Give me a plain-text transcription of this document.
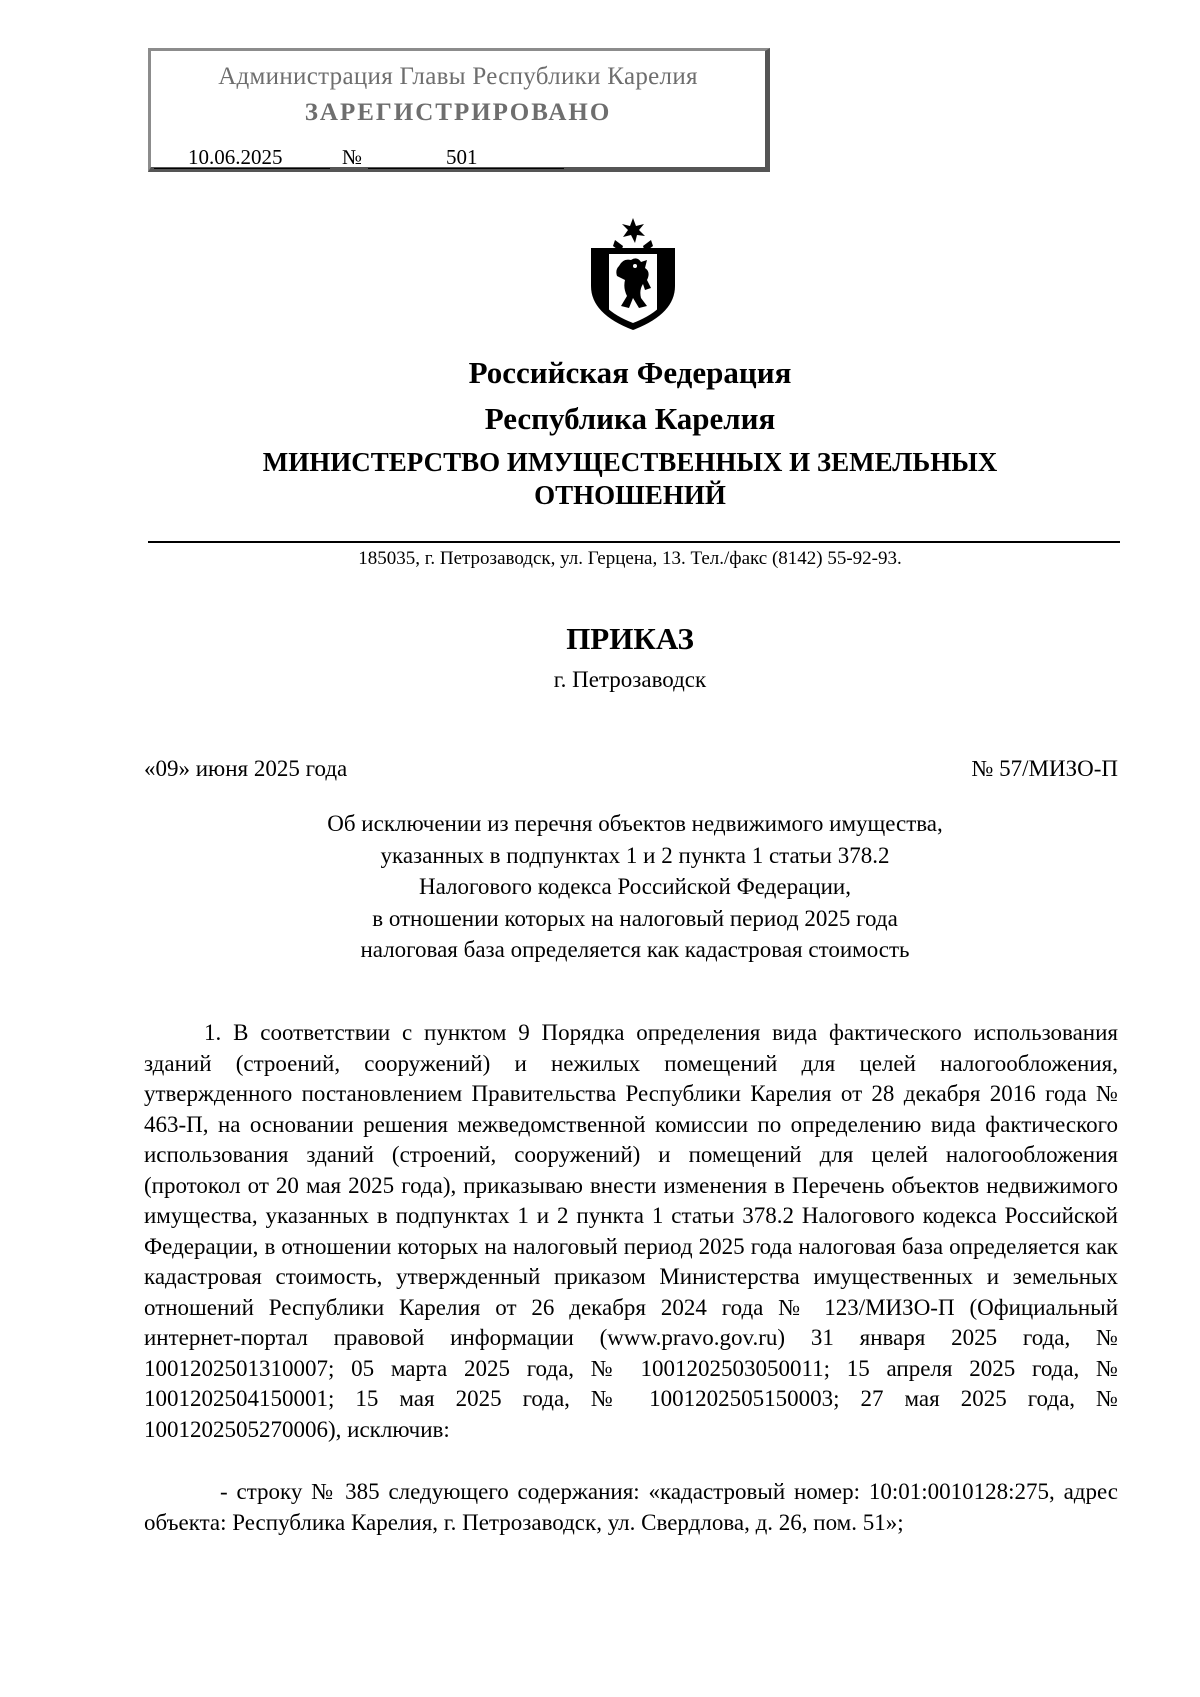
Администрация Главы Республики Карелия
ЗАРЕГИСТРИРОВАНО
10.06.2025	№	501
Российская Федерация
Республика Карелия
МИНИСТЕРСТВО ИМУЩЕСТВЕННЫХ И ЗЕМЕЛЬНЫХ
ОТНОШЕНИЙ
185035, г. Петрозаводск, ул. Герцена, 13. Тел./факс (8142) 55-92-93.
ПРИКАЗ
г. Петрозаводск
«09» июня 2025 года	№ 57/МИЗО-П
Об исключении из перечня объектов недвижимого имущества,
указанных в подпунктах 1 и 2 пункта 1 статьи 378.2
Налогового кодекса Российской Федерации,
в отношении которых на налоговый период 2025 года
налоговая база определяется как кадастровая стоимость
1. В соответствии с пунктом 9 Порядка определения вида фактического использования зданий (строений, сооружений) и нежилых помещений для целей налогообложения, утвержденного постановлением Правительства Республики Карелия от 28 декабря 2016 года № 463-П, на основании решения межведомственной комиссии по определению вида фактического использования зданий (строений, сооружений) и помещений для целей налогообложения (протокол от 20 мая 2025 года), приказываю внести изменения в Перечень объектов недвижимого имущества, указанных в подпунктах 1 и 2 пункта 1 статьи 378.2 Налогового кодекса Российской Федерации, в отношении которых на налоговый период 2025 года налоговая база определяется как кадастровая стоимость, утвержденный приказом Министерства имущественных и земельных отношений Республики Карелия от 26 декабря 2024 года № 123/МИЗО-П (Официальный интернет-портал правовой информации (www.pravo.gov.ru) 31 января 2025 года, № 1001202501310007; 05 марта 2025 года, № 1001202503050011; 15 апреля 2025 года, № 1001202504150001; 15 мая 2025 года, № 1001202505150003; 27 мая 2025 года, № 1001202505270006), исключив:
- строку № 385 следующего содержания: «кадастровый номер: 10:01:0010128:275, адрес объекта: Республика Карелия, г. Петрозаводск, ул. Свердлова, д. 26, пом. 51»;
